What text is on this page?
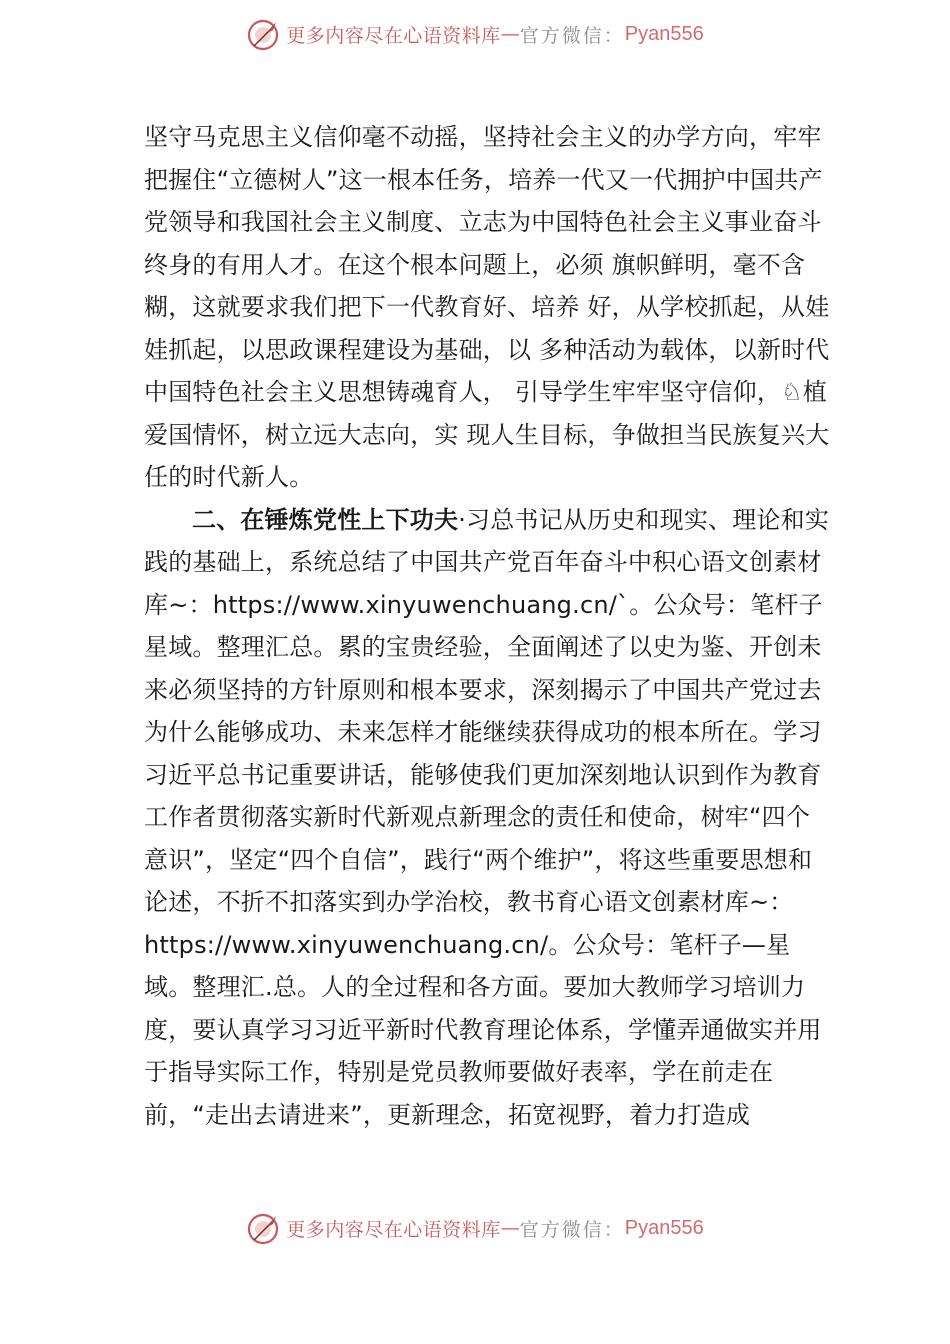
更多内容尽在心语资料库 — 官方微信： Pyan556

坚守马克思主义信仰毫不动摇，坚持社会主义的办学方向，牢牢把握住“立德树人”这一根本任务，培养一代又一代拥护中国共产党领导和我国社会主义制度、立志为中国特色社会主义事业奋斗终身的有用人才。在这个根本问题上，必须 旗帜鲜明，毫不含糊，这就要求我们把下一代教育好、培养 好，从学校抓起，从娃娃抓起，以思政课程建设为基础，以 多种活动为载体，以新时代中国特色社会主义思想铸魂育人， 引导学生牢牢坚守信仰，♘植爱国情怀，树立远大志向，实 现人生目标，争做担当民族复兴大任的时代新人。

二、在锤炼党性上下功夫·习总书记从历史和现实、理论和实践的基础上，系统总结了中国共产党百年奋斗中积心语文创素材库~：https://www.xinyuwenchuang.cn/`。公众号：笔杆子星域。整理汇总。累的宝贵经验，全面阐述了以史为鉴、开创未来必须坚持的方针原则和根本要求，深刻揭示了中国共产党过去为什么能够成功、未来怎样才能继续获得成功的根本所在。学习习近平总书记重要讲话，能够使我们更加深刻地认识到作为教育工作者贯彻落实新时代新观点新理念的责任和使命，树牢“四个意识”，坚定“四个自信”，践行“两个维护”，将这些重要思想和论述，不折不扣落实到办学治校，教书育心语文创素材库~：https://www.xinyuwenchuang.cn/。公众号：笔杆子—星域。整理汇.总。人的全过程和各方面。要加大教师学习培训力度，要认真学习习近平新时代教育理论体系，学懂弄通做实并用于指导实际工作，特别是党员教师要做好表率，学在前走在前，“走出去请进来”，更新理念，拓宽视野，着力打造成

更多内容尽在心语资料库 — 官方微信： Pyan556
